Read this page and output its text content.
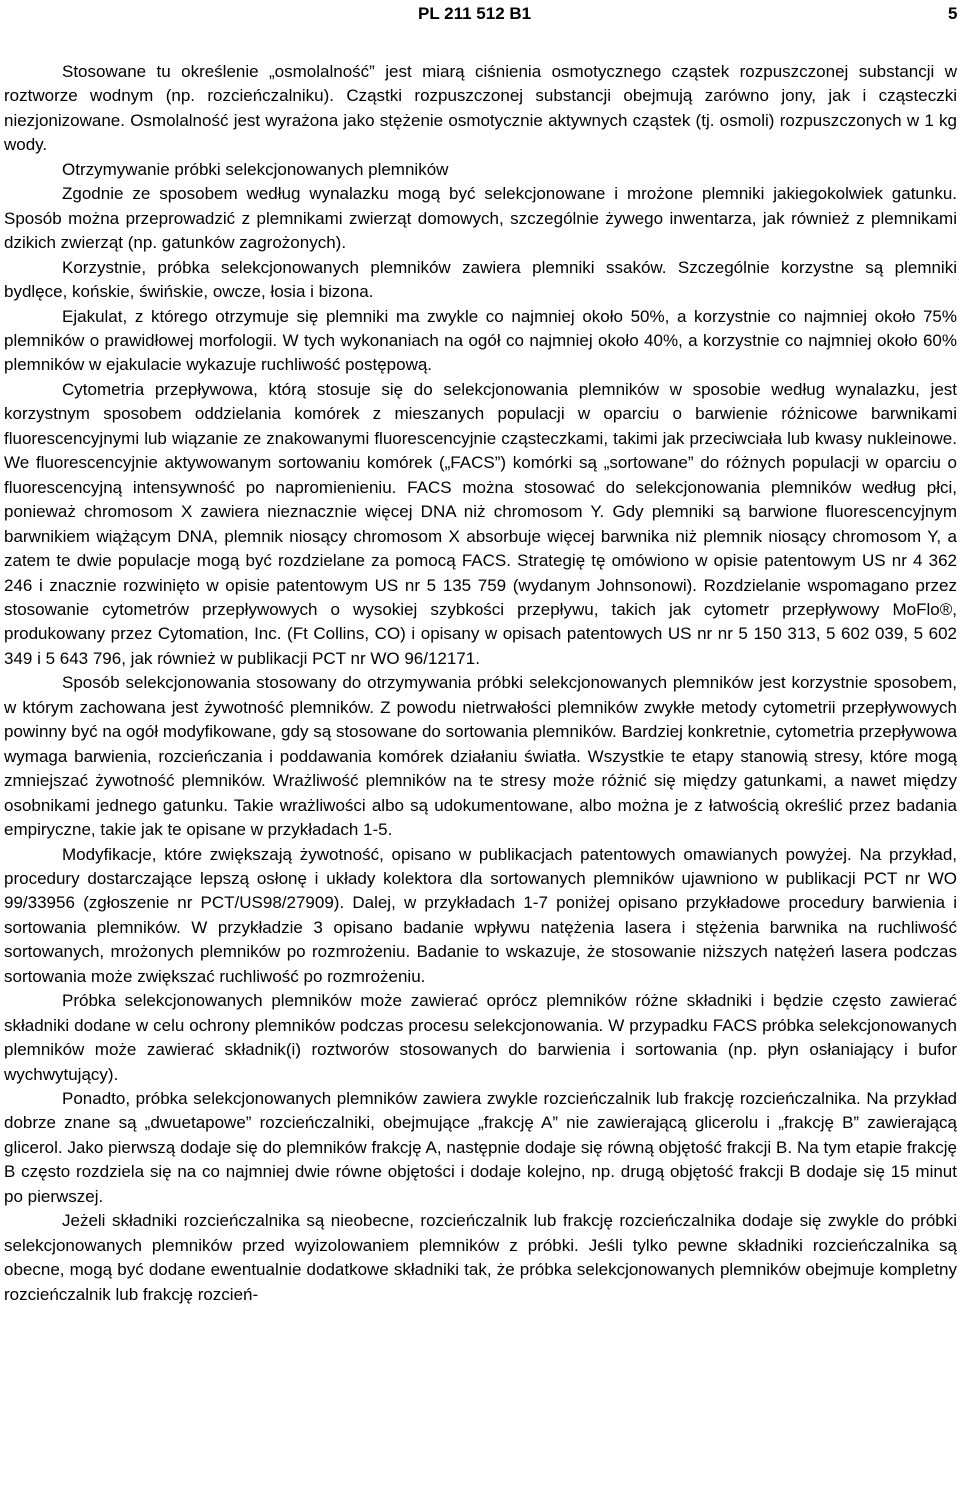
PL 211 512 B1	5

Stosowane tu określenie „osmolalność” jest miarą ciśnienia osmotycznego cząstek rozpuszczonej substancji w roztworze wodnym (np. rozcieńczalniku). Cząstki rozpuszczonej substancji obejmują zarówno jony, jak i cząsteczki niezjonizowane. Osmolalność jest wyrażona jako stężenie osmotycznie aktywnych cząstek (tj. osmoli) rozpuszczonych w 1 kg wody.

Otrzymywanie próbki selekcjonowanych plemników

Zgodnie ze sposobem według wynalazku mogą być selekcjonowane i mrożone plemniki jakiegokolwiek gatunku. Sposób można przeprowadzić z plemnikami zwierząt domowych, szczególnie żywego inwentarza, jak również z plemnikami dzikich zwierząt (np. gatunków zagrożonych).

Korzystnie, próbka selekcjonowanych plemników zawiera plemniki ssaków. Szczególnie korzystne są plemniki bydlęce, końskie, świńskie, owcze, łosia i bizona.

Ejakulat, z którego otrzymuje się plemniki ma zwykle co najmniej około 50%, a korzystnie co najmniej około 75% plemników o prawidłowej morfologii. W tych wykonaniach na ogół co najmniej około 40%, a korzystnie co najmniej około 60% plemników w ejakulacie wykazuje ruchliwość postępową.

Cytometria przepływowa, którą stosuje się do selekcjonowania plemników w sposobie według wynalazku, jest korzystnym sposobem oddzielania komórek z mieszanych populacji w oparciu o barwienie różnicowe barwnikami fluorescencyjnymi lub wiązanie ze znakowanymi fluorescencyjnie cząsteczkami, takimi jak przeciwciała lub kwasy nukleinowe. We fluorescencyjnie aktywowanym sortowaniu komórek („FACS”) komórki są „sortowane” do różnych populacji w oparciu o fluorescencyjną intensywność po napromienieniu. FACS można stosować do selekcjonowania plemników według płci, ponieważ chromosom X zawiera nieznacznie więcej DNA niż chromosom Y. Gdy plemniki są barwione fluorescencyjnym barwnikiem wiążącym DNA, plemnik niosący chromosom X absorbuje więcej barwnika niż plemnik niosący chromosom Y, a zatem te dwie populacje mogą być rozdzielane za pomocą FACS. Strategię tę omówiono w opisie patentowym US nr 4 362 246 i znacznie rozwinięto w opisie patentowym US nr 5 135 759 (wydanym Johnsonowi). Rozdzielanie wspomagano przez stosowanie cytometrów przepływowych o wysokiej szybkości przepływu, takich jak cytometr przepływowy MoFlo®, produkowany przez Cytomation, Inc. (Ft Collins, CO) i opisany w opisach patentowych US nr nr 5 150 313, 5 602 039, 5 602 349 i 5 643 796, jak również w publikacji PCT nr WO 96/12171.

Sposób selekcjonowania stosowany do otrzymywania próbki selekcjonowanych plemników jest korzystnie sposobem, w którym zachowana jest żywotność plemników. Z powodu nietrwałości plemników zwykłe metody cytometrii przepływowych powinny być na ogół modyfikowane, gdy są stosowane do sortowania plemników. Bardziej konkretnie, cytometria przepływowa wymaga barwienia, rozcieńczania i poddawania komórek działaniu światła. Wszystkie te etapy stanowią stresy, które mogą zmniejszać żywotność plemników. Wrażliwość plemników na te stresy może różnić się między gatunkami, a nawet między osobnikami jednego gatunku. Takie wrażliwości albo są udokumentowane, albo można je z łatwością określić przez badania empiryczne, takie jak te opisane w przykładach 1-5.

Modyfikacje, które zwiększają żywotność, opisano w publikacjach patentowych omawianych powyżej. Na przykład, procedury dostarczające lepszą osłonę i układy kolektora dla sortowanych plemników ujawniono w publikacji PCT nr WO 99/33956 (zgłoszenie nr PCT/US98/27909). Dalej, w przykładach 1-7 poniżej opisano przykładowe procedury barwienia i sortowania plemników. W przykładzie 3 opisano badanie wpływu natężenia lasera i stężenia barwnika na ruchliwość sortowanych, mrożonych plemników po rozmrożeniu. Badanie to wskazuje, że stosowanie niższych natężeń lasera podczas sortowania może zwiększać ruchliwość po rozmrożeniu.

Próbka selekcjonowanych plemników może zawierać oprócz plemników różne składniki i będzie często zawierać składniki dodane w celu ochrony plemników podczas procesu selekcjonowania. W przypadku FACS próbka selekcjonowanych plemników może zawierać składnik(i) roztworów stosowanych do barwienia i sortowania (np. płyn osłaniający i bufor wychwytujący).

Ponadto, próbka selekcjonowanych plemników zawiera zwykle rozcieńczalnik lub frakcję rozcieńczalnika. Na przykład dobrze znane są „dwuetapowe” rozcieńczalniki, obejmujące „frakcję A” nie zawierającą glicerolu i „frakcję B” zawierającą glicerol. Jako pierwszą dodaje się do plemników frakcję A, następnie dodaje się równą objętość frakcji B. Na tym etapie frakcję B często rozdziela się na co najmniej dwie równe objętości i dodaje kolejno, np. drugą objętość frakcji B dodaje się 15 minut po pierwszej.

Jeżeli składniki rozcieńczalnika są nieobecne, rozcieńczalnik lub frakcję rozcieńczalnika dodaje się zwykle do próbki selekcjonowanych plemników przed wyizolowaniem plemników z próbki. Jeśli tylko pewne składniki rozcieńczalnika są obecne, mogą być dodane ewentualnie dodatkowe składniki tak, że próbka selekcjonowanych plemników obejmuje kompletny rozcieńczalnik lub frakcję rozcień-
